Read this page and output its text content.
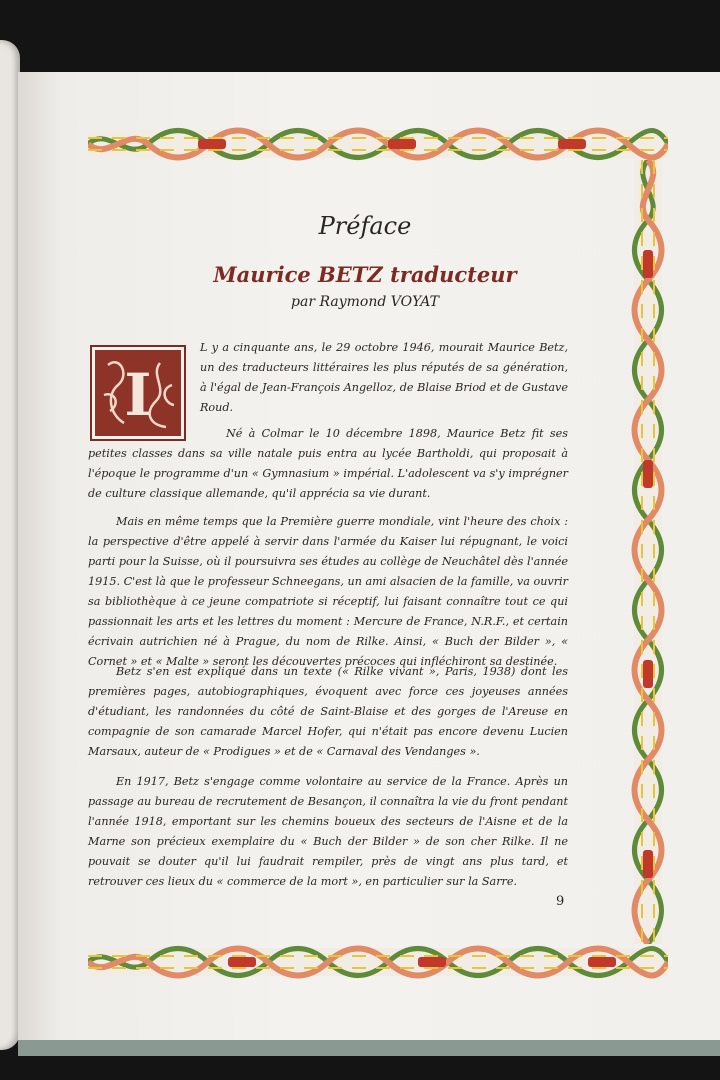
Préface
Maurice BETZ traducteur
par Raymond VOYAT
I

L y a cinquante ans, le 29 octobre 1946, mourait Maurice Betz, un des traducteurs littéraires les plus réputés de sa génération, à l'égal de Jean-François Angelloz, de Blaise Briod et de Gustave Roud.

Né à Colmar le 10 décembre 1898, Maurice Betz fit ses petites classes dans sa ville natale puis entra au lycée Bartholdi, qui proposait à l'époque le programme d'un « Gymnasium » impérial. L'adolescent va s'y imprégner de culture classique allemande, qu'il apprécia sa vie durant.

Mais en même temps que la Première guerre mondiale, vint l'heure des choix : la perspective d'être appelé à servir dans l'armée du Kaiser lui répugnant, le voici parti pour la Suisse, où il poursuivra ses études au collège de Neuchâtel dès l'année 1915. C'est là que le professeur Schneegans, un ami alsacien de la famille, va ouvrir sa bibliothèque à ce jeune compatriote si réceptif, lui faisant connaître tout ce qui passionnait les arts et les lettres du moment : Mercure de France, N.R.F., et certain écrivain autrichien né à Prague, du nom de Rilke. Ainsi, « Buch der Bilder », « Cornet » et « Malte » seront les découvertes précoces qui infléchiront sa destinée.

Betz s'en est expliqué dans un texte (« Rilke vivant », Paris, 1938) dont les premières pages, autobiographiques, évoquent avec force ces joyeuses années d'étudiant, les randonnées du côté de Saint-Blaise et des gorges de l'Areuse en compagnie de son camarade Marcel Hofer, qui n'était pas encore devenu Lucien Marsaux, auteur de « Prodigues » et de « Carnaval des Vendanges ».

En 1917, Betz s'engage comme volontaire au service de la France. Après un passage au bureau de recrutement de Besançon, il connaîtra la vie du front pendant l'année 1918, emportant sur les chemins boueux des secteurs de l'Aisne et de la Marne son précieux exemplaire du « Buch der Bilder » de son cher Rilke. Il ne pouvait se douter qu'il lui faudrait rempiler, près de vingt ans plus tard, et retrouver ces lieux du « commerce de la mort », en particulier sur la Sarre.

9
